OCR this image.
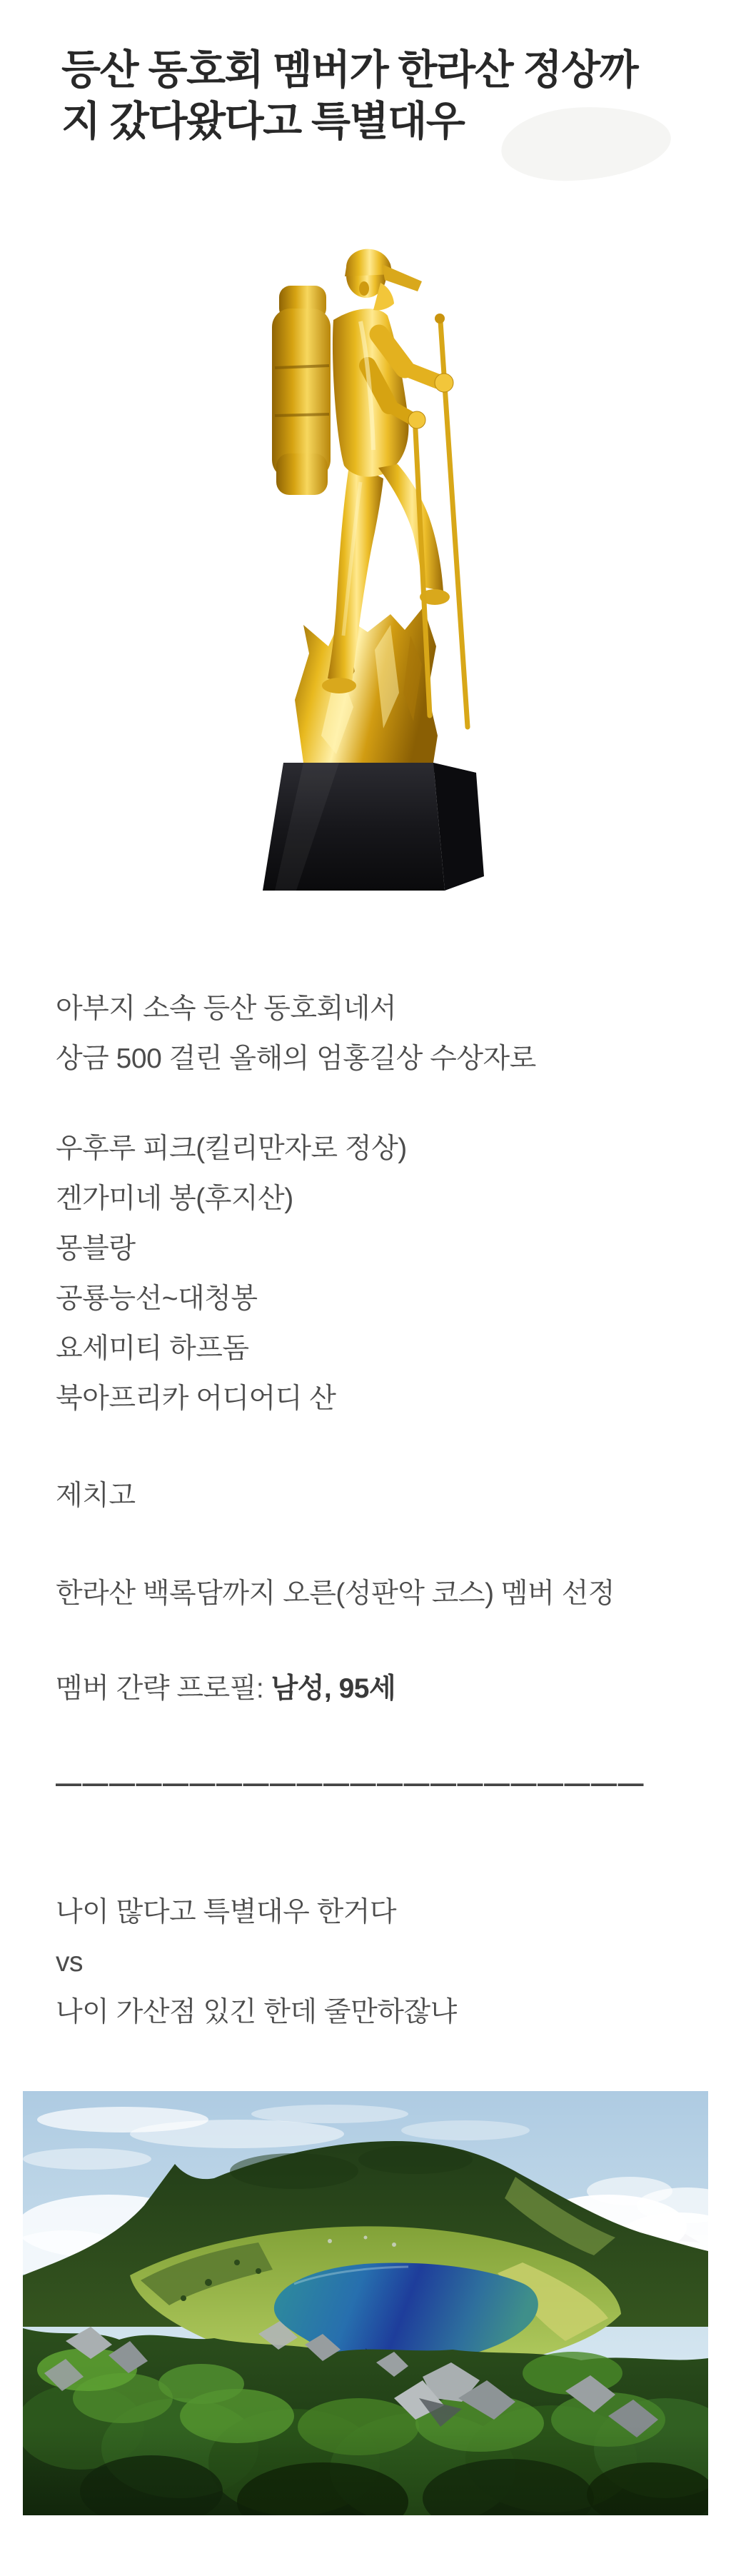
등산 동호회 멤버가 한라산 정상까
지 갔다왔다고 특별대우

아부지 소속 등산 동호회네서

상금 500 걸린 올해의 엄홍길상 수상자로

우후루 피크(킬리만자로 정상)

겐가미네 봉(후지산)

몽블랑

공룡능선~대청봉

요세미티 하프돔

북아프리카 어디어디 산

제치고

한라산 백록담까지 오른(성판악 코스) 멤버 선정

멤버 간략 프로필: 남성, 95세

——————————————————————

나이 많다고 특별대우 한거다

vs

나이 가산점 있긴 한데 줄만하잖냐
